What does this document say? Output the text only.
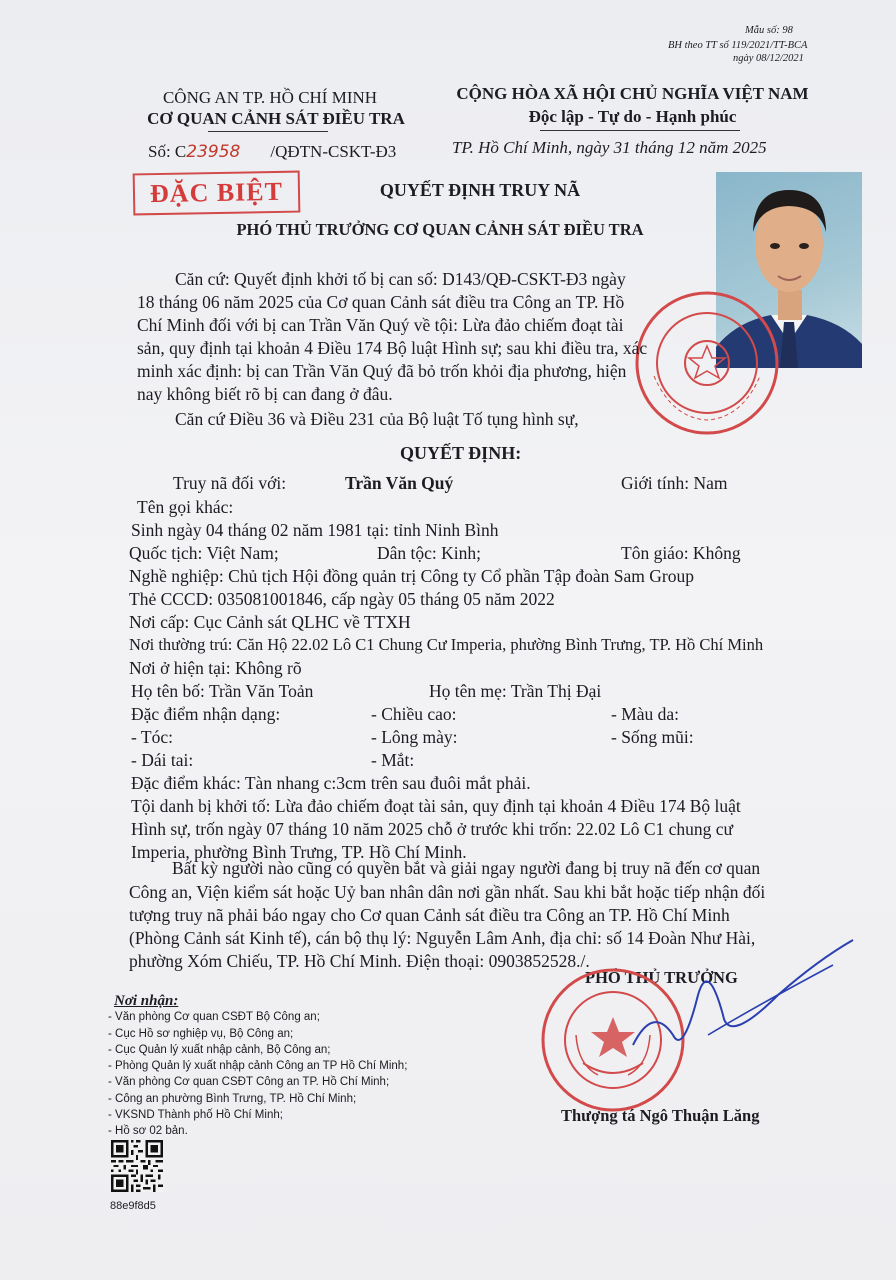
Mẫu số: 98
BH theo TT số 119/2021/TT-BCA
ngày 08/12/2021
CÔNG AN TP. HỒ CHÍ MINH
CƠ QUAN CẢNH SÁT ĐIỀU TRA
Số: C23958 /QĐTN-CSKT-Đ3
CỘNG HÒA XÃ HỘI CHỦ NGHĨA VIỆT NAM
Độc lập - Tự do - Hạnh phúc
TP. Hồ Chí Minh, ngày 31 tháng 12 năm 2025
ĐẶC BIỆT	QUYẾT ĐỊNH TRUY NÃ
PHÓ THỦ TRƯỞNG CƠ QUAN CẢNH SÁT ĐIỀU TRA
Căn cứ: Quyết định khởi tố bị can số: D143/QĐ-CSKT-Đ3 ngày
18 tháng 06 năm 2025 của Cơ quan Cảnh sát điều tra Công an TP. Hồ
Chí Minh đối với bị can Trần Văn Quý về tội: Lừa đảo chiếm đoạt tài
sản, quy định tại khoản 4 Điều 174 Bộ luật Hình sự; sau khi điều tra, xác
minh xác định: bị can Trần Văn Quý đã bỏ trốn khỏi địa phương, hiện
nay không biết rõ bị can đang ở đâu.
Căn cứ Điều 36 và Điều 231 của Bộ luật Tố tụng hình sự,
QUYẾT ĐỊNH:
Truy nã đối với:	Trần Văn Quý	Giới tính: Nam
Tên gọi khác:
Sinh ngày 04 tháng 02 năm 1981 tại: tỉnh Ninh Bình
Quốc tịch: Việt Nam;	Dân tộc: Kinh;	Tôn giáo: Không
Nghề nghiệp: Chủ tịch Hội đồng quản trị Công ty Cổ phần Tập đoàn Sam Group
Thẻ CCCD: 035081001846, cấp ngày 05 tháng 05 năm 2022
Nơi cấp: Cục Cảnh sát QLHC về TTXH
Nơi thường trú: Căn Hộ 22.02 Lô C1 Chung Cư Imperia, phường Bình Trưng, TP. Hồ Chí Minh
Nơi ở hiện tại: Không rõ
Họ tên bố: Trần Văn Toản	Họ tên mẹ: Trần Thị Đại
Đặc điểm nhận dạng:	- Chiều cao:	- Màu da:
- Tóc:	- Lông mày:	- Sống mũi:
- Dái tai:	- Mắt:
Đặc điểm khác: Tàn nhang c:3cm trên sau đuôi mắt phải.
Tội danh bị khởi tố: Lừa đảo chiếm đoạt tài sản, quy định tại khoản 4 Điều 174 Bộ luật
Hình sự, trốn ngày 07 tháng 10 năm 2025 chỗ ở trước khi trốn: 22.02 Lô C1 chung cư
Imperia, phường Bình Trưng, TP. Hồ Chí Minh.
Bất kỳ người nào cũng có quyền bắt và giải ngay người đang bị truy nã đến cơ quan
Công an, Viện kiểm sát hoặc Uỷ ban nhân dân nơi gần nhất. Sau khi bắt hoặc tiếp nhận đối
tượng truy nã phải báo ngay cho Cơ quan Cảnh sát điều tra Công an TP. Hồ Chí Minh
(Phòng Cảnh sát Kinh tế), cán bộ thụ lý: Nguyễn Lâm Anh, địa chỉ: số 14 Đoàn Như Hài,
phường Xóm Chiếu, TP. Hồ Chí Minh. Điện thoại: 0903852528./.
Nơi nhận:
- Văn phòng Cơ quan CSĐT Bộ Công an;
- Cục Hồ sơ nghiệp vụ, Bộ Công an;
- Cục Quản lý xuất nhập cảnh, Bộ Công an;
- Phòng Quản lý xuất nhập cảnh Công an TP Hồ Chí Minh;
- Văn phòng Cơ quan CSĐT Công an TP. Hồ Chí Minh;
- Công an phường Bình Trưng, TP. Hồ Chí Minh;
- VKSND Thành phố Hồ Chí Minh;
- Hồ sơ 02 bản.
PHÓ THỦ TRƯỞNG
Thượng tá Ngô Thuận Lăng
88e9f8d5
